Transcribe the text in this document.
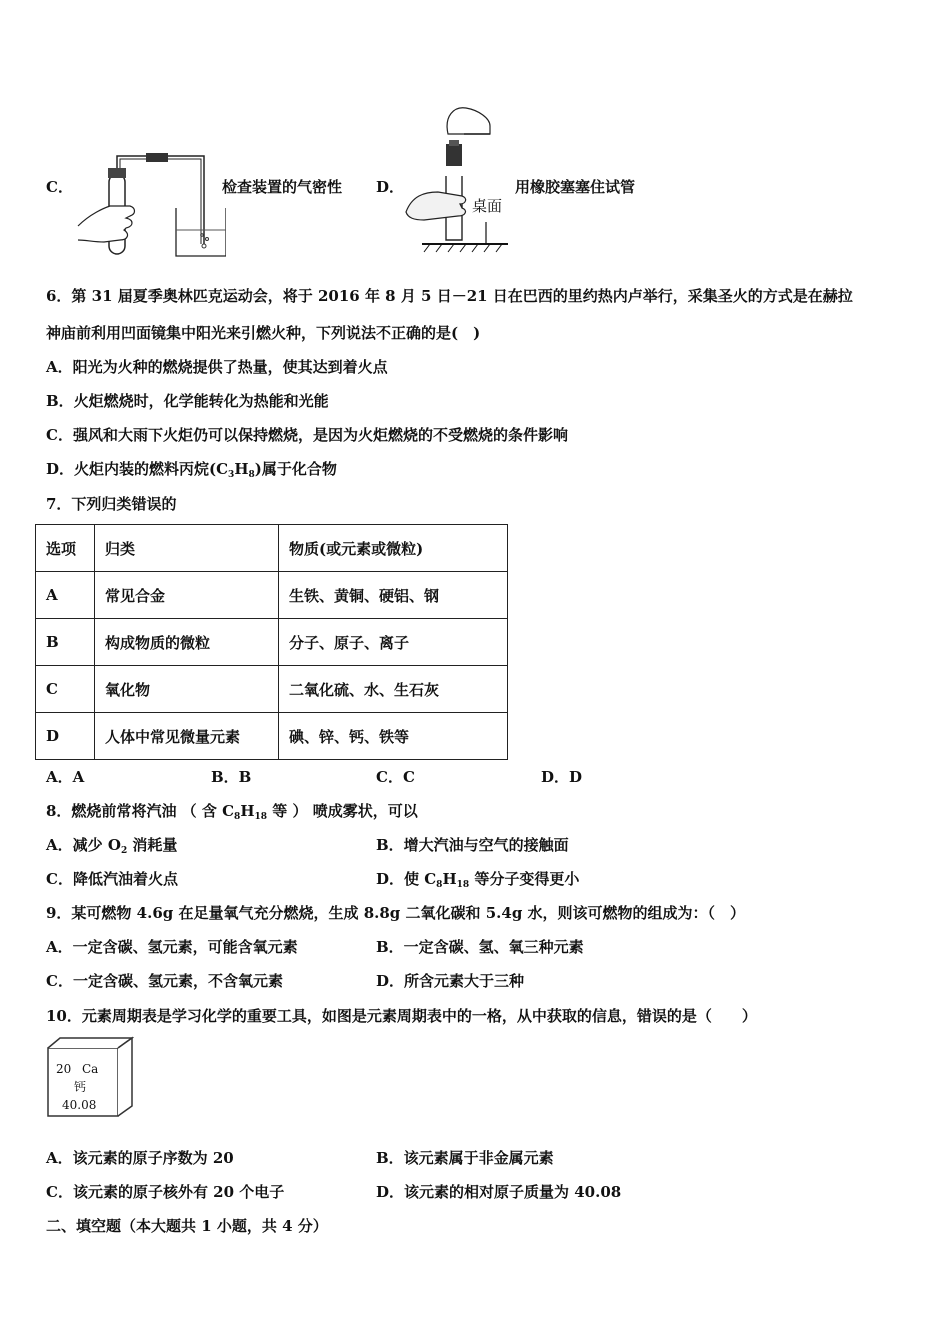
C．	检查装置的气密性 D．
桌面
用橡胶塞塞住试管
6．第 31 届夏季奥林匹克运动会，将于 2016 年 8 月 5 日－21 日在巴西的里约热内卢举行，采集圣火的方式是在赫拉
神庙前利用凹面镜集中阳光来引燃火种，下列说法不正确的是(　)
A．阳光为火种的燃烧提供了热量，使其达到着火点
B．火炬燃烧时，化学能转化为热能和光能
C．强风和大雨下火炬仍可以保持燃烧，是因为火炬燃烧的不受燃烧的条件影响
D．火炬内装的燃料丙烷$(C_3H_8)$属于化合物
7．下列归类错误的
选项	归类	物质(或元素或微粒)
A	常见合金	生铁、黄铜、硬铝、钢
B	构成物质的微粒	分子、原子、离子
C	氧化物	二氧化硫、水、生石灰
D	人体中常见微量元素	碘、锌、钙、铁等
A．A	B．B	C．C	D．D
8．燃烧前常将汽油 （ 含 $C_8H_{18}$ 等 ） 喷成雾状，可以
A．减少 $O_2$ 消耗量	B．增大汽油与空气的接触面
C．降低汽油着火点	D．使 $C_8H_{18}$ 等分子变得更小
9．某可燃物 4.6g 在足量氧气充分燃烧，生成 8.8g 二氧化碳和 5.4g 水，则该可燃物的组成为：（　）
A．一定含碳、氢元素，可能含氧元素	B．一定含碳、氢、氧三种元素
C．一定含碳、氢元素，不含氧元素	D．所含元素大于三种
10．元素周期表是学习化学的重要工具，如图是元素周期表中的一格，从中获取的信息，错误的是（　　）
20 Ca
钙
40.08
A．该元素的原子序数为 20	B．该元素属于非金属元素
C．该元素的原子核外有 20 个电子	D．该元素的相对原子质量为 40.08
二、填空题（本大题共 1 小题，共 4 分）
